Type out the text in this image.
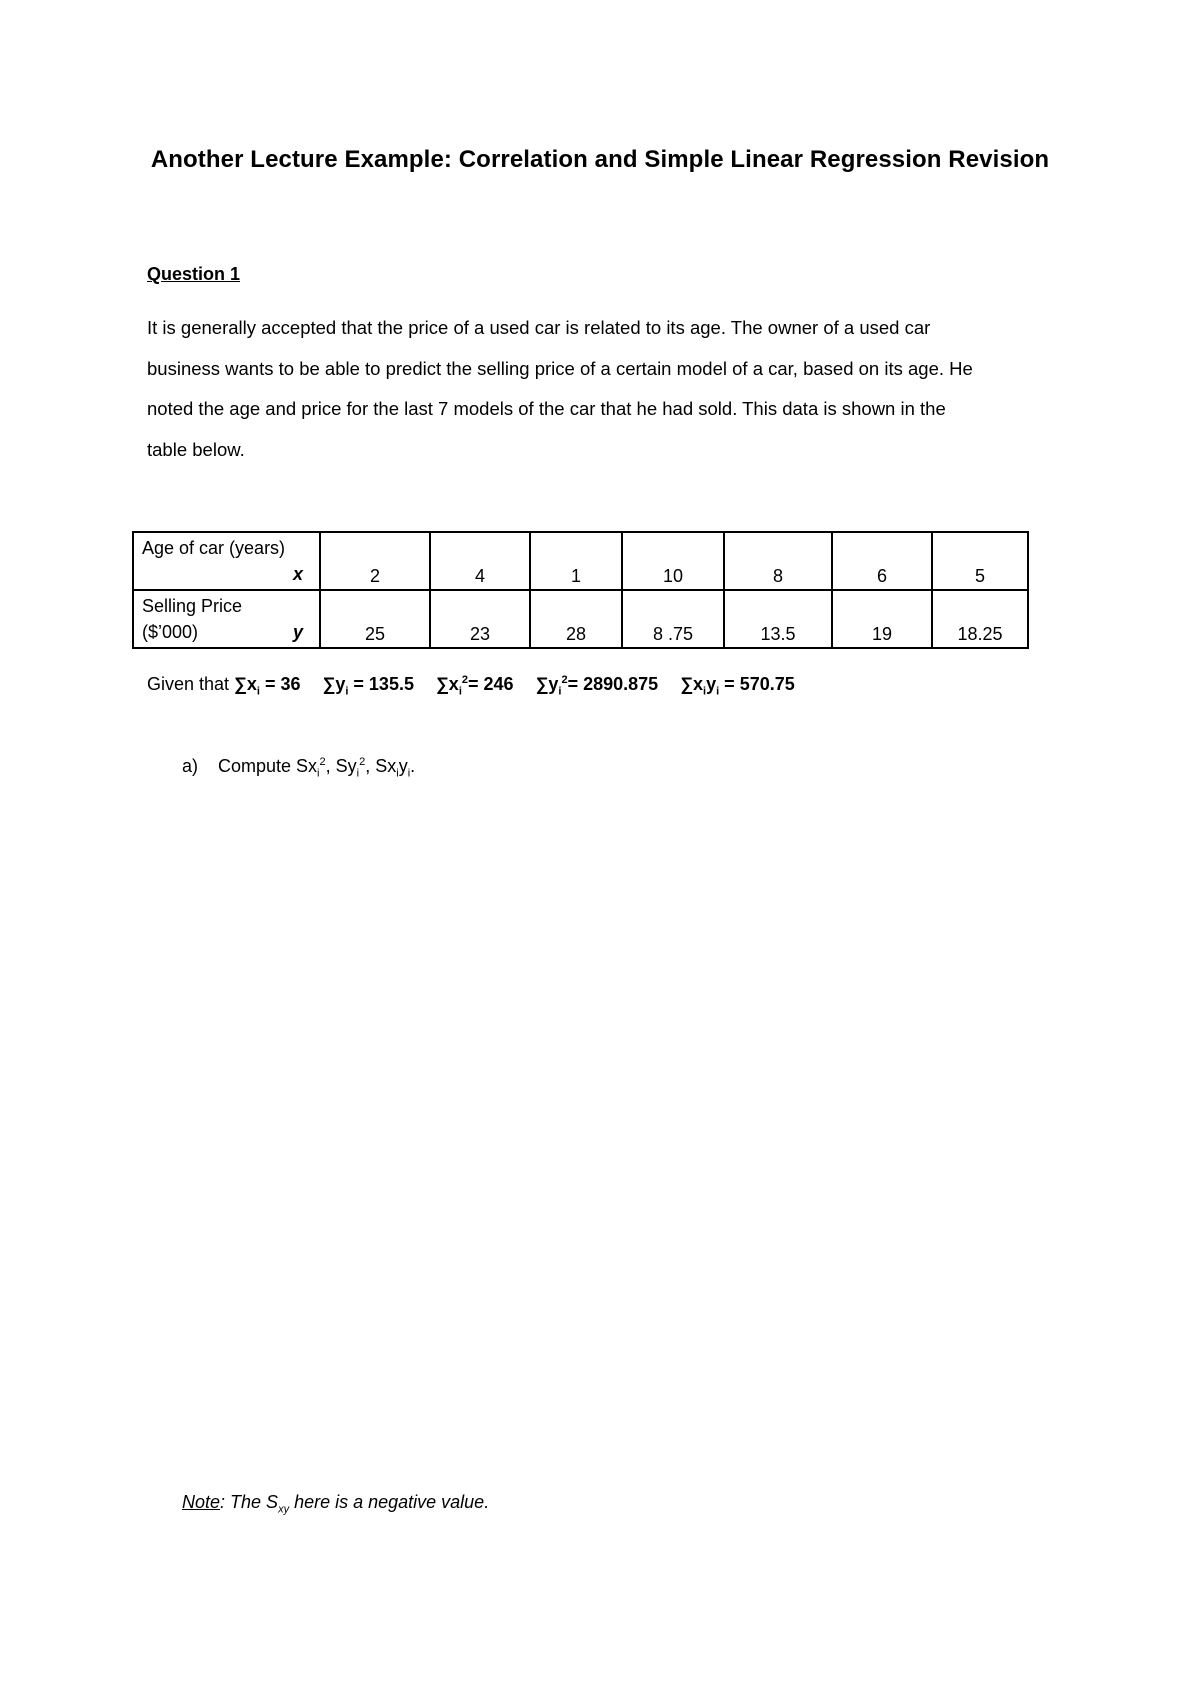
Another Lecture Example: Correlation and Simple Linear Regression Revision
Question 1
It is generally accepted that the price of a used car is related to its age. The owner of a used car
business wants to be able to predict the selling price of a certain model of a car, based on its age. He
noted the age and price for the last 7 models of the car that he had sold. This data is shown in the
table below.
Age of car (years)
x	2	4	1	10	8	6	5

Selling Price
($’000) y	25	23	28	8 .75	13.5	19	18.25
Given that $\sum x_i = 36$ $\sum y_i = 135.5$ $\sum x_i^2= 246$ $\sum y_i^2= 2890.875$ $\sum x_iy_i = 570.75$
a) Compute $Sx_i^2$, $Sy_i^2$, $Sx_iy_i$.
Note: The $S_{xy}$ here is a negative value.
